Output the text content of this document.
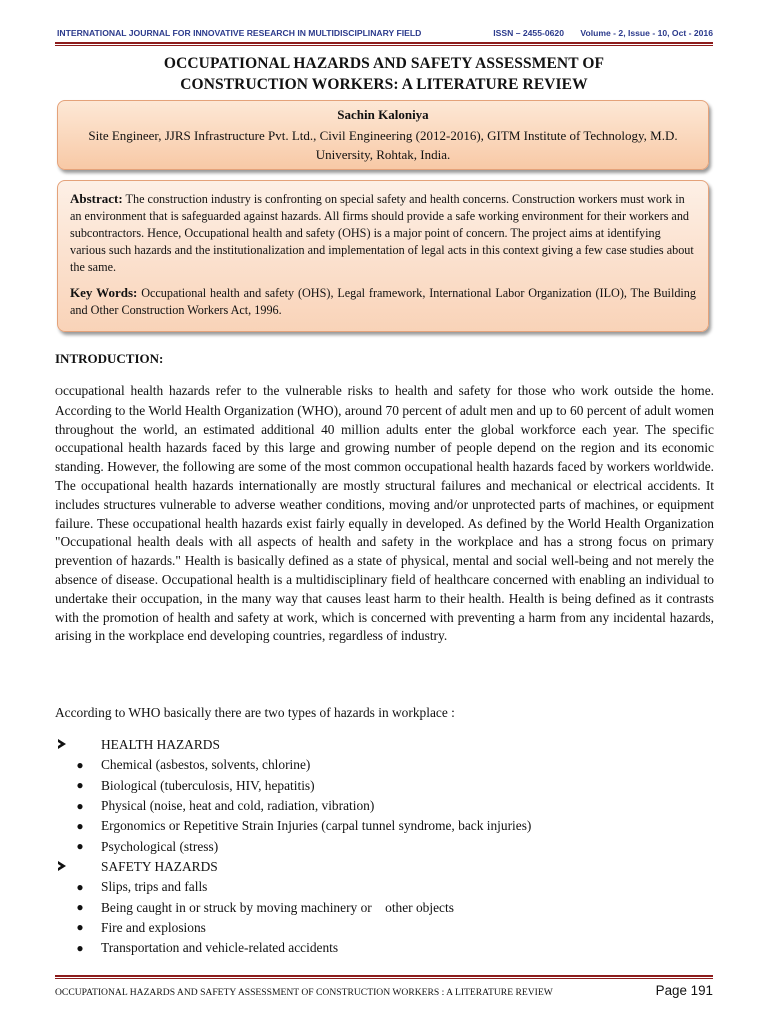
INTERNATIONAL JOURNAL FOR INNOVATIVE RESEARCH IN MULTIDISCIPLINARY FIELD	ISSN – 2455-0620 Volume - 2, Issue - 10, Oct - 2016
OCCUPATIONAL HAZARDS AND SAFETY ASSESSMENT OF
CONSTRUCTION WORKERS: A LITERATURE REVIEW
Sachin Kaloniya
Site Engineer, JJRS Infrastructure Pvt. Ltd., Civil Engineering (2012-2016), GITM Institute of Technology, M.D. University, Rohtak, India.
Abstract: The construction industry is confronting on special safety and health concerns. Construction workers must work in an environment that is safeguarded against hazards. All firms should provide a safe working environment for their workers and subcontractors. Hence, Occupational health and safety (OHS) is a major point of concern. The project aims at identifying various such hazards and the institutionalization and implementation of legal acts in this context giving a few case studies about the same.
Key Words: Occupational health and safety (OHS), Legal framework, International Labor Organization (ILO), The Building and Other Construction Workers Act, 1996.
INTRODUCTION:
Occupational health hazards refer to the vulnerable risks to health and safety for those who work outside the home. According to the World Health Organization (WHO), around 70 percent of adult men and up to 60 percent of adult women throughout the world, an estimated additional 40 million adults enter the global workforce each year. The specific occupational health hazards faced by this large and growing number of people depend on the region and its economic standing. However, the following are some of the most common occupational health hazards faced by workers worldwide. The occupational health hazards internationally are mostly structural failures and mechanical or electrical accidents. It includes structures vulnerable to adverse weather conditions, moving and/or unprotected parts of machines, or equipment failure. These occupational health hazards exist fairly equally in developed. As defined by the World Health Organization "Occupational health deals with all aspects of health and safety in the workplace and has a strong focus on primary prevention of hazards." Health is basically defined as a state of physical, mental and social well-being and not merely the absence of disease. Occupational health is a multidisciplinary field of healthcare concerned with enabling an individual to undertake their occupation, in the many way that causes least harm to their health. Health is being defined as it contrasts with the promotion of health and safety at work, which is concerned with preventing a harm from any incidental hazards, arising in the workplace end developing countries, regardless of industry.
According to WHO basically there are two types of hazards in workplace :
HEALTH HAZARDS
●	Chemical (asbestos, solvents, chlorine)
●	Biological (tuberculosis, HIV, hepatitis)
●	Physical (noise, heat and cold, radiation, vibration)
●	Ergonomics or Repetitive Strain Injuries (carpal tunnel syndrome, back injuries)
●	Psychological (stress)
SAFETY HAZARDS
●	Slips, trips and falls
●	Being caught in or struck by moving machinery or    other objects
●	Fire and explosions
●	Transportation and vehicle-related accidents
OCCUPATIONAL HAZARDS AND SAFETY ASSESSMENT OF CONSTRUCTION WORKERS : A LITERATURE REVIEW	Page 191
